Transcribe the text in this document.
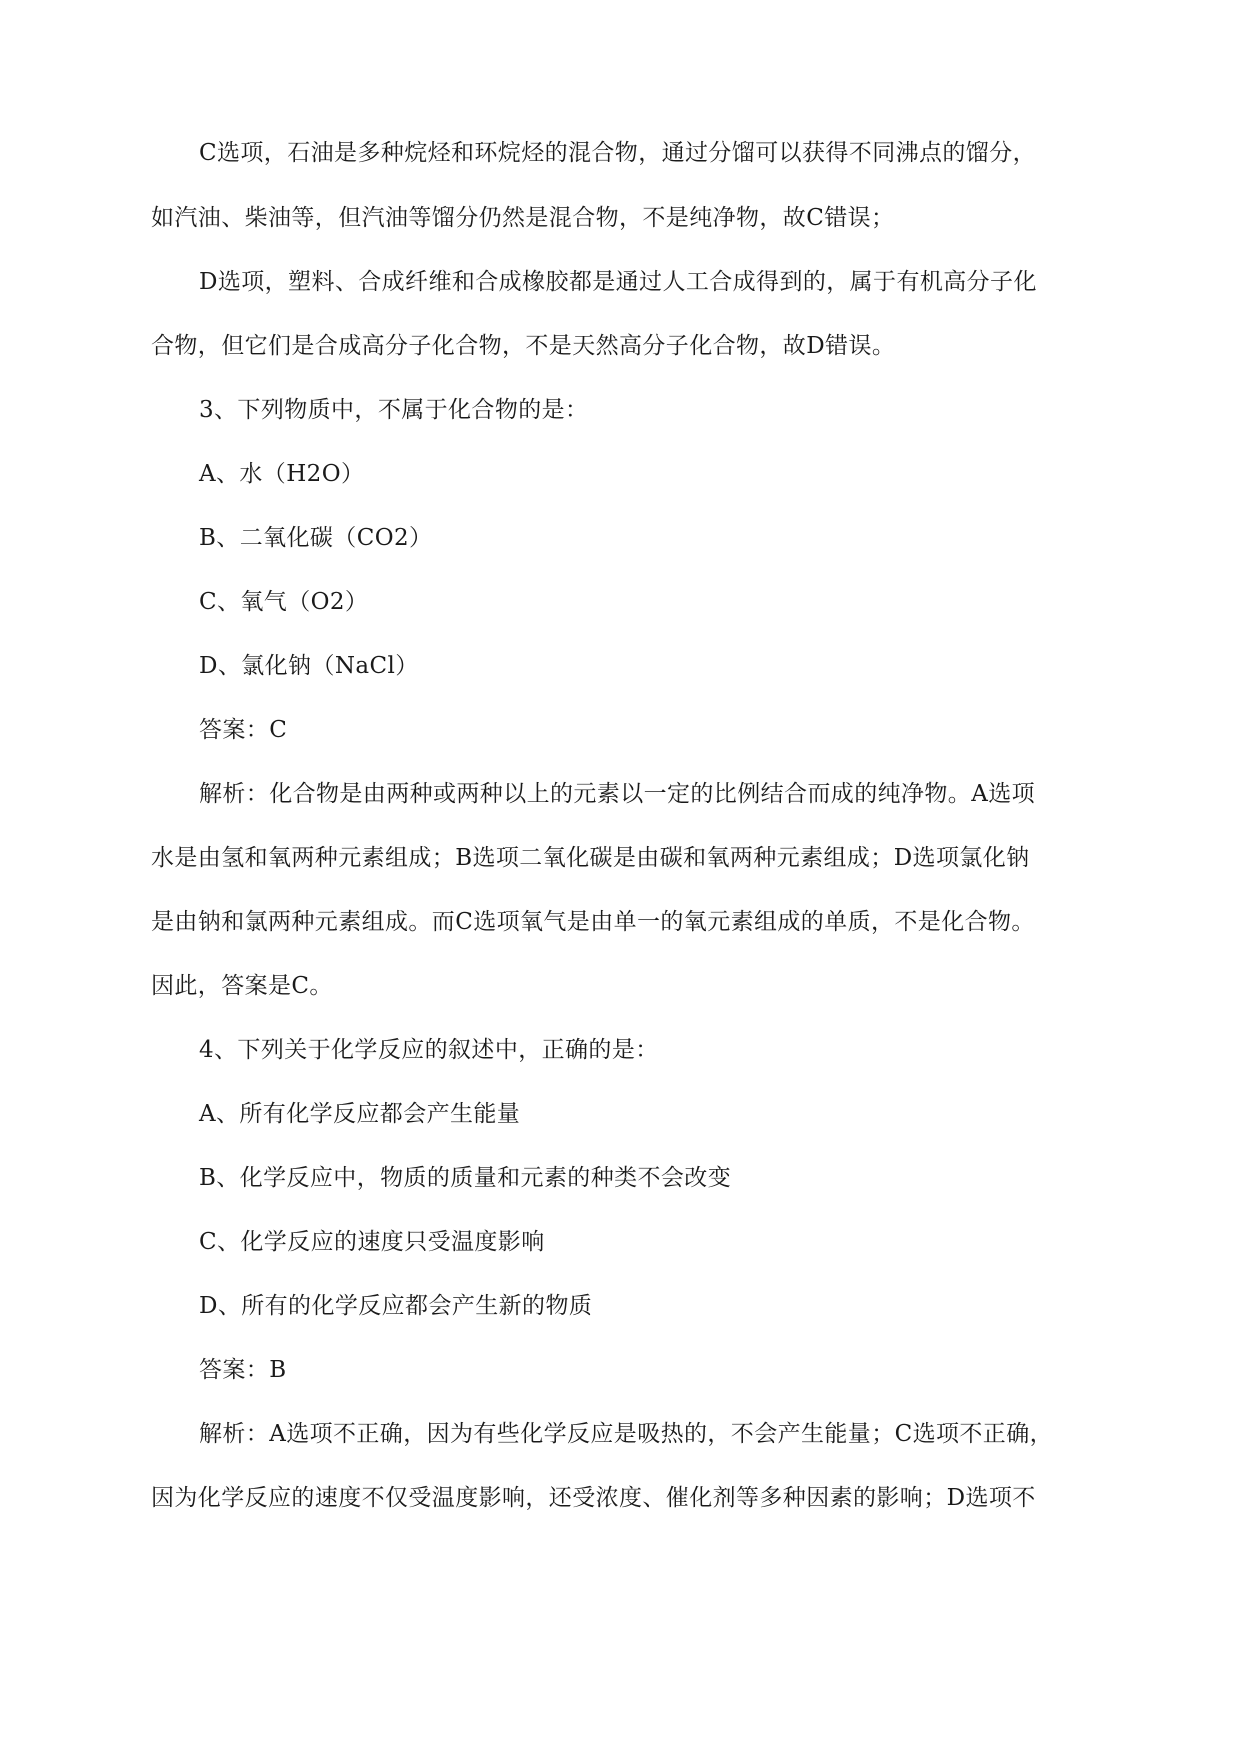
C选项，石油是多种烷烃和环烷烃的混合物，通过分馏可以获得不同沸点的馏分，
如汽油、柴油等，但汽油等馏分仍然是混合物，不是纯净物，故C错误；
D选项，塑料、合成纤维和合成橡胶都是通过人工合成得到的，属于有机高分子化
合物，但它们是合成高分子化合物，不是天然高分子化合物，故D错误。
3、下列物质中，不属于化合物的是：
A、水（H2O）
B、二氧化碳（CO2）
C、氧气（O2）
D、氯化钠（NaCl）
答案：C
解析：化合物是由两种或两种以上的元素以一定的比例结合而成的纯净物。A选项
水是由氢和氧两种元素组成；B选项二氧化碳是由碳和氧两种元素组成；D选项氯化钠
是由钠和氯两种元素组成。而C选项氧气是由单一的氧元素组成的单质，不是化合物。
因此，答案是C。
4、下列关于化学反应的叙述中，正确的是：
A、所有化学反应都会产生能量
B、化学反应中，物质的质量和元素的种类不会改变
C、化学反应的速度只受温度影响
D、所有的化学反应都会产生新的物质
答案：B
解析：A选项不正确，因为有些化学反应是吸热的，不会产生能量；C选项不正确，
因为化学反应的速度不仅受温度影响，还受浓度、催化剂等多种因素的影响；D选项不
